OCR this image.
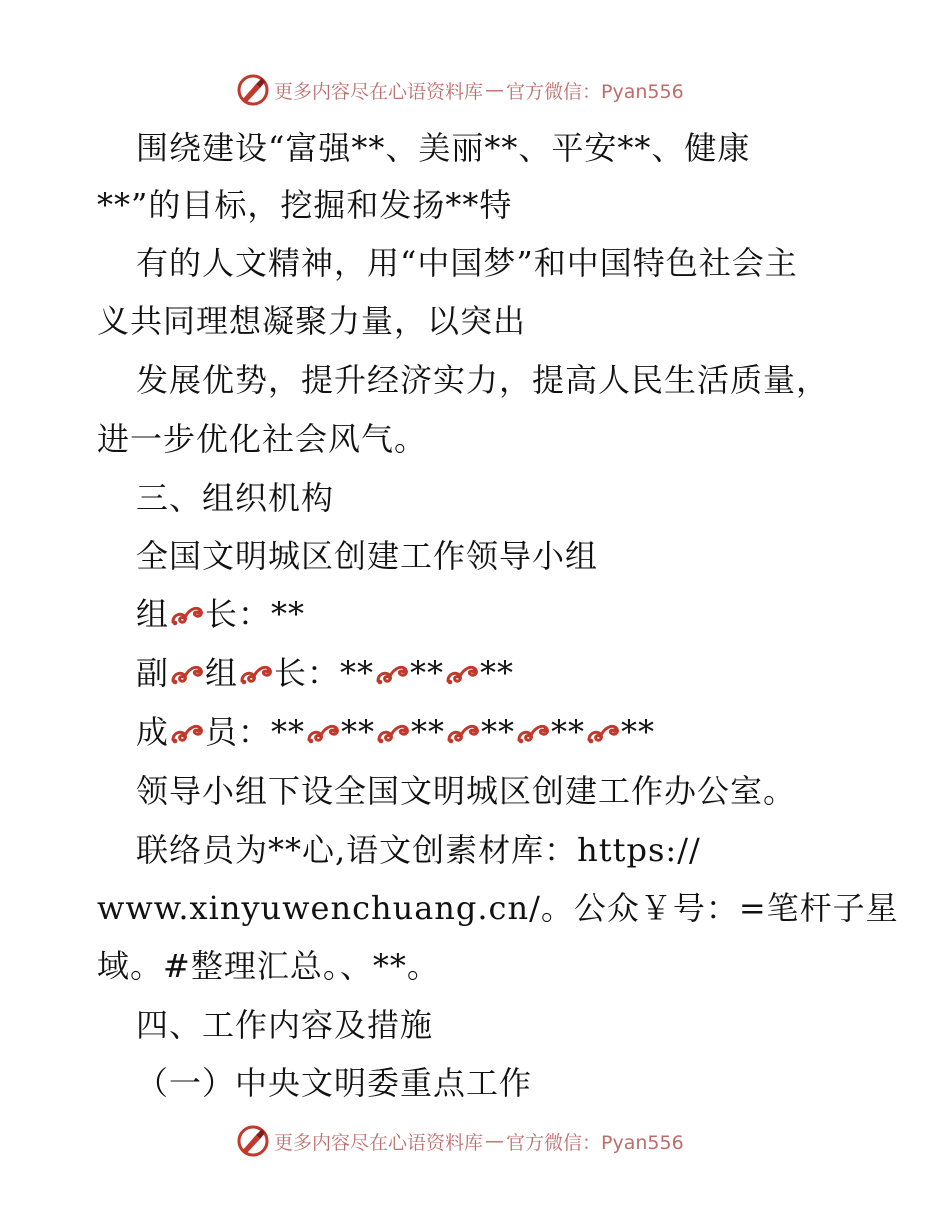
更多内容尽在心语资料库 — 官方微信：Pyan556
围绕建设“富强**、美丽**、平安**、健康
**”的目标，挖掘和发扬**特
有的人文精神，用“中国梦”和中国特色社会主
义共同理想凝聚力量，以突出
发展优势，提升经济实力，提高人民生活质量，
进一步优化社会风气。
三、组织机构
全国文明城区创建工作领导小组
组 长：**
副 组 长：** ** **
成 员：** ** ** ** ** **
领导小组下设全国文明城区创建工作办公室。
联络员为**心,语文创素材库：https://
www.xinyuwenchuang.cn/。公众￥号：=笔杆子星
域。#整理汇总。、**。
四、工作内容及措施
（一）中央文明委重点工作
更多内容尽在心语资料库 — 官方微信：Pyan556
